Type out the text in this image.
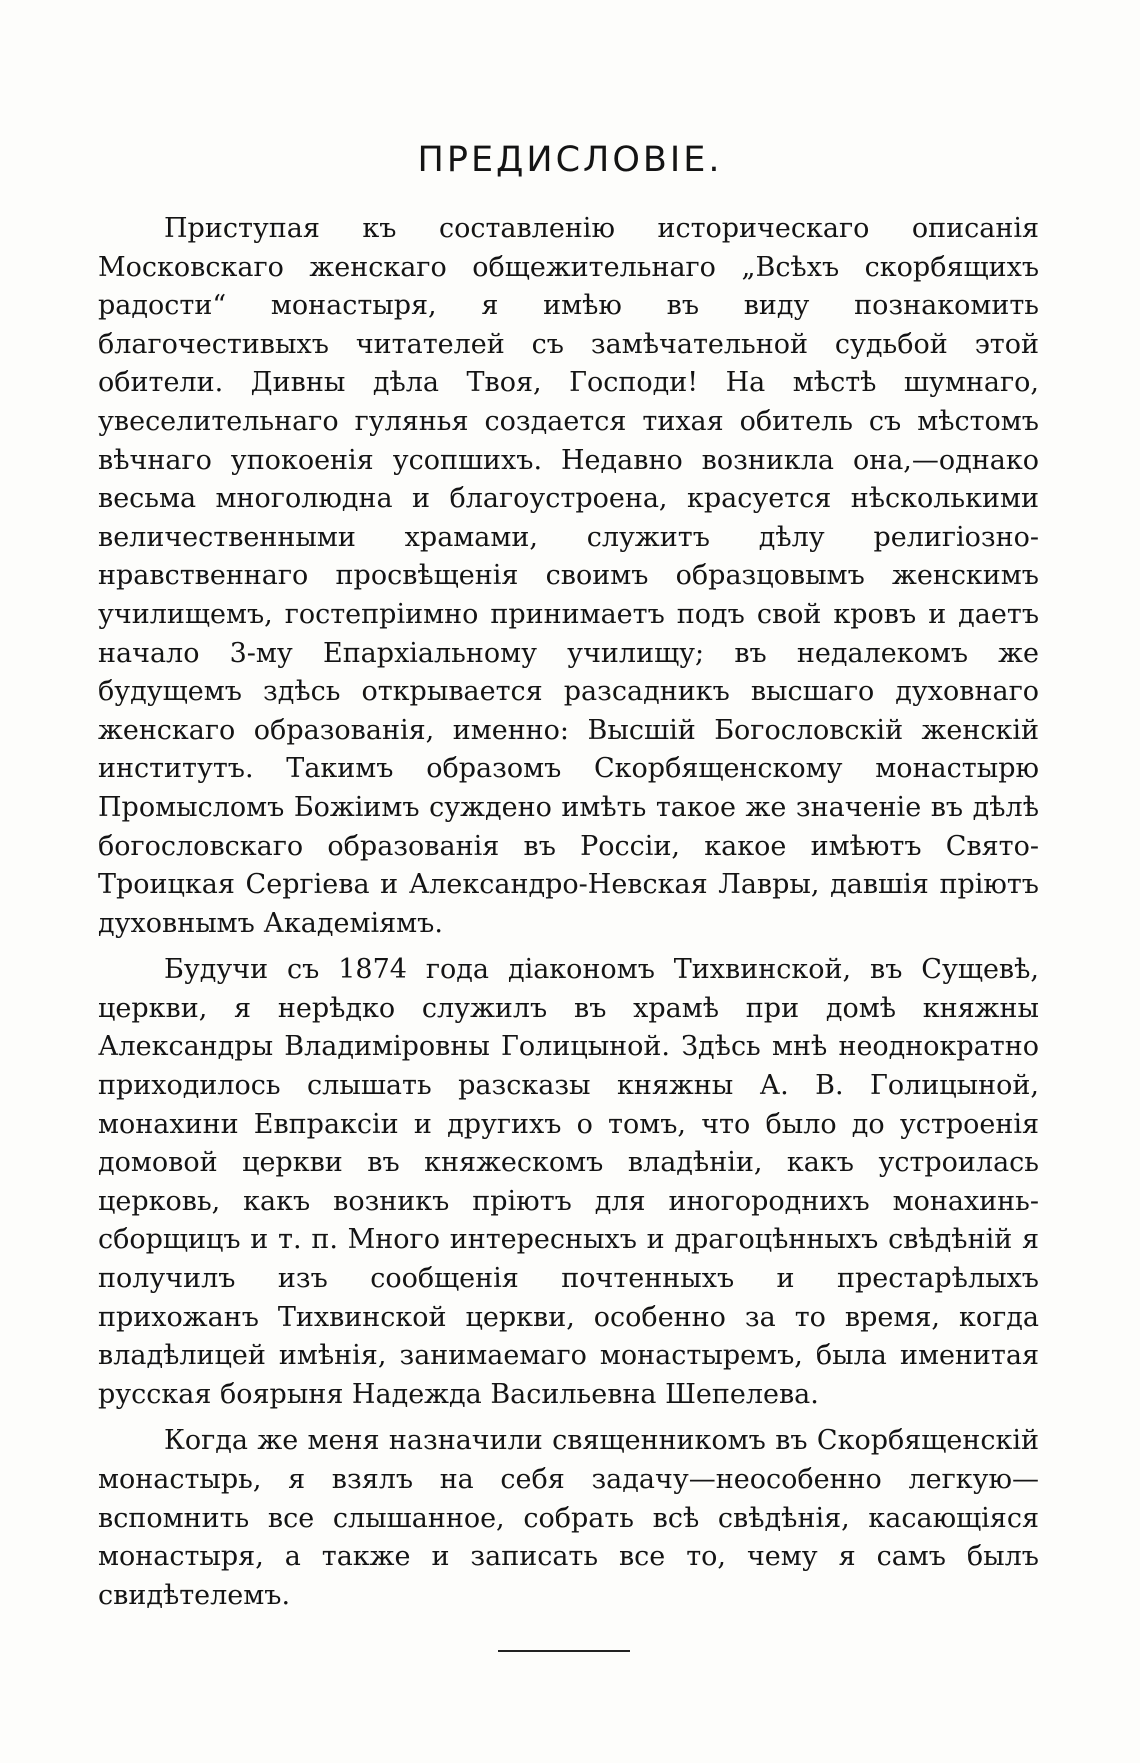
ПРЕДИСЛОВIЕ.

Приступая къ составленiю историческаго описанiя Московскаго женскаго общежительнаго „Всѣхъ скорбящихъ радости“ монастыря, я имѣю въ виду познакомить благочестивыхъ читателей съ замѣчательной судьбой этой обители. Дивны дѣла Твоя, Господи! На мѣстѣ шумнаго, увеселительнаго гулянья создается тихая обитель съ мѣстомъ вѣчнаго упокоенiя усопшихъ. Недавно возникла она,—однако весьма многолюдна и благоустроена, красуется нѣсколькими величественными храмами, служитъ дѣлу религiозно-нравственнаго просвѣщенiя своимъ образцовымъ женскимъ училищемъ, гостепрiимно принимаетъ подъ свой кровъ и даетъ начало 3-му Епархiальному училищу; въ недалекомъ же будущемъ здѣсь открывается разсадникъ высшаго духовнаго женскаго образованiя, именно: Высшiй Богословскiй женскiй институтъ. Такимъ образомъ Скорбященскому монастырю Промысломъ Божiимъ суждено имѣть такое же значенiе въ дѣлѣ богословскаго образованiя въ Россiи, какое имѣютъ Свято-Троицкая Сергiева и Александро-Невская Лавры, давшiя прiютъ духовнымъ Академiямъ.

Будучи съ 1874 года дiакономъ Тихвинской, въ Сущевѣ, церкви, я нерѣдко служилъ въ храмѣ при домѣ княжны Александры Владимiровны Голицыной. Здѣсь мнѣ неоднократно приходилось слышать разсказы княжны А. В. Голицыной, монахини Евпраксiи и другихъ о томъ, что было до устроенiя домовой церкви въ княжескомъ владѣнiи, какъ устроилась церковь, какъ возникъ прiютъ для иногороднихъ монахинь-сборщицъ и т. п. Много интересныхъ и драгоцѣнныхъ свѣдѣнiй я получилъ изъ сообщенiя почтенныхъ и престарѣлыхъ прихожанъ Тихвинской церкви, особенно за то время, когда владѣлицей имѣнiя, занимаемаго монастыремъ, была именитая русская боярыня Надежда Васильевна Шепелева.

Когда же меня назначили священникомъ въ Скорбященскiй монастырь, я взялъ на себя задачу—неособенно легкую—вспомнить все слышанное, собрать всѣ свѣдѣнiя, касающiяся монастыря, а также и записать все то, чему я самъ былъ свидѣтелемъ.
